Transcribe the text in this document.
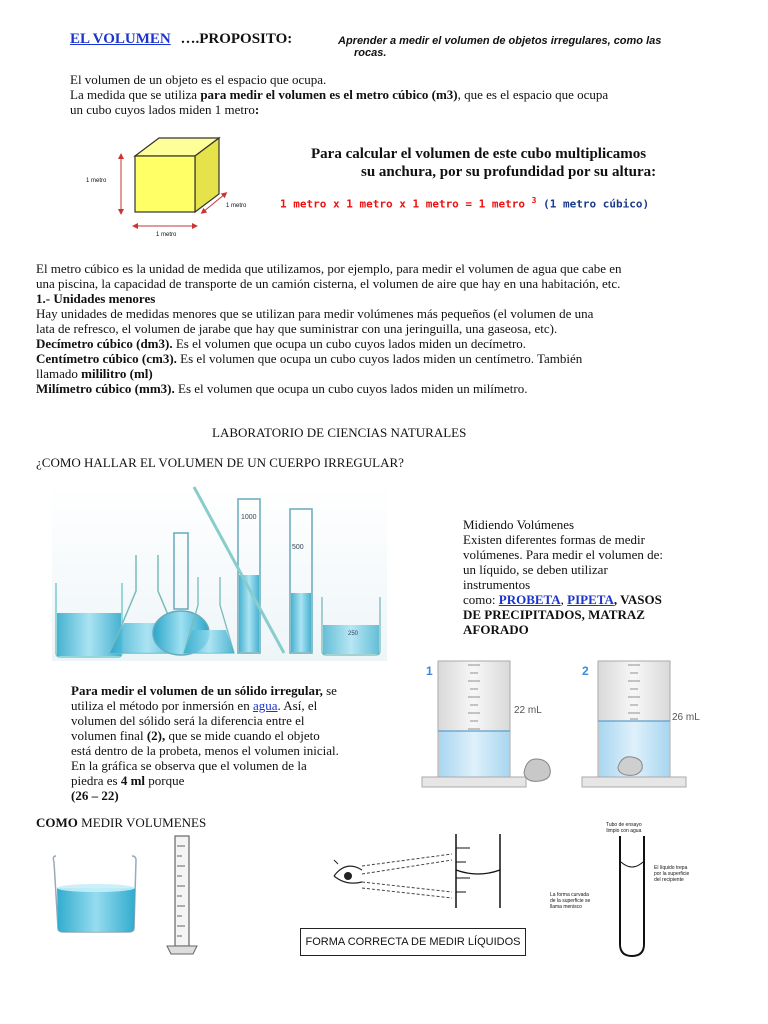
EL VOLUMEN ….PROPOSITO:	Aprender a medir el volumen de objetos irregulares, como las
rocas.
El volumen de un objeto es el espacio que ocupa.
La medida que se utiliza para medir el volumen es el metro cúbico (m3), que es el espacio que ocupa
un cubo cuyos lados miden 1 metro:
1 metro
1 metro
1 metro
Para calcular el volumen de este cubo multiplicamos
su anchura, por su profundidad por su altura:
1 metro x 1 metro x 1 metro = 1 metro $^3$ (1 metro cúbico)
El metro cúbico es la unidad de medida que utilizamos, por ejemplo, para medir el volumen de agua que cabe en
una piscina, la capacidad de transporte de un camión cisterna, el volumen de aire que hay en una habitación, etc.
1.- Unidades menores
Hay unidades de medidas menores que se utilizan para medir volúmenes más pequeños (el volumen de una
lata de refresco, el volumen de jarabe que hay que suministrar con una jeringuilla, una gaseosa, etc).
Decímetro cúbico (dm3). Es el volumen que ocupa un cubo cuyos lados miden un decímetro.
Centímetro cúbico (cm3). Es el volumen que ocupa un cubo cuyos lados miden un centímetro. También
llamado mililitro (ml)
Milímetro cúbico (mm3). Es el volumen que ocupa un cubo cuyos lados miden un milímetro.
LABORATORIO DE CIENCIAS NATURALES
¿COMO HALLAR EL VOLUMEN DE UN CUERPO IRREGULAR?
1000
500
250
Midiendo Volúmenes
Existen diferentes formas de medir
volúmenes. Para medir el volumen de:
un líquido, se deben utilizar
instrumentos
como: PROBETA, PIPETA, VASOS
DE PRECIPITADOS, MATRAZ
AFORADO
Para medir el volumen de un sólido irregular, se
utiliza el método por inmersión en agua. Así, el
volumen del sólido será la diferencia entre el
volumen final (2), que se mide cuando el objeto
está dentro de la probeta, menos el volumen inicial.
En la gráfica se observa que el volumen de la
piedra es 4 ml porque
(26 – 22)
1
22 mL
2
26 mL
COMO MEDIR VOLUMENES
FORMA CORRECTA DE MEDIR LÍQUIDOS
Tubo de ensayo
limpio con agua
El líquido trepa
por la superficie
del recipiente
La forma curvada
de la superficie se
llama menisco
